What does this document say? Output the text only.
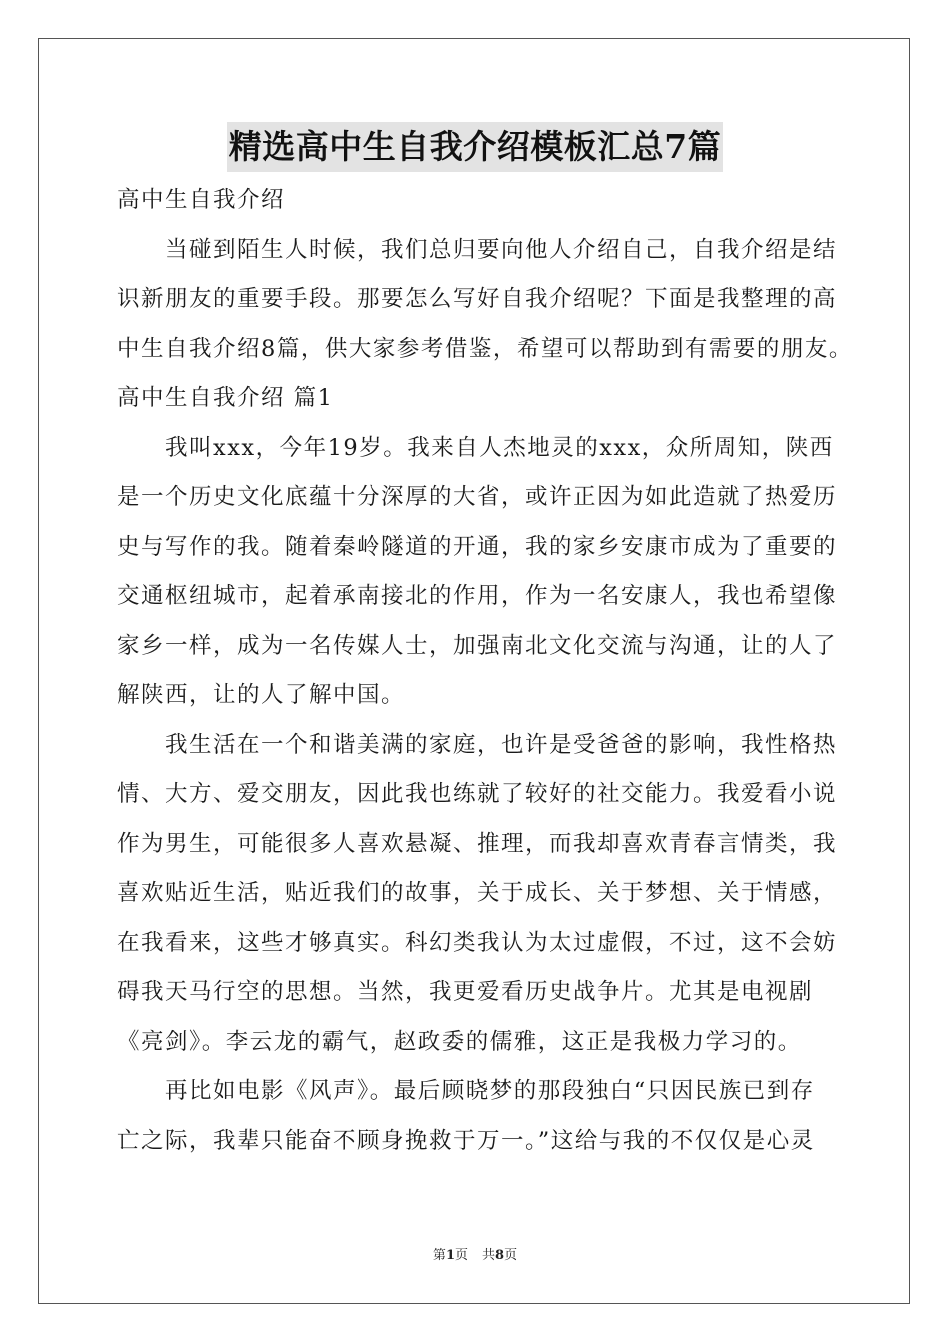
精选高中生自我介绍模板汇总7篇
高中生自我介绍
当碰到陌生人时候，我们总归要向他人介绍自己，自我介绍是结
识新朋友的重要手段。那要怎么写好自我介绍呢？下面是我整理的高
中生自我介绍8篇，供大家参考借鉴，希望可以帮助到有需要的朋友。
高中生自我介绍 篇1
我叫xxx，今年19岁。我来自人杰地灵的xxx，众所周知，陕西
是一个历史文化底蕴十分深厚的大省，或许正因为如此造就了热爱历
史与写作的我。随着秦岭隧道的开通，我的家乡安康市成为了重要的
交通枢纽城市，起着承南接北的作用，作为一名安康人，我也希望像
家乡一样，成为一名传媒人士，加强南北文化交流与沟通，让的人了
解陕西，让的人了解中国。
我生活在一个和谐美满的家庭，也许是受爸爸的影响，我性格热
情、大方、爱交朋友，因此我也练就了较好的社交能力。我爱看小说
作为男生，可能很多人喜欢悬凝、推理，而我却喜欢青春言情类，我
喜欢贴近生活，贴近我们的故事，关于成长、关于梦想、关于情感，
在我看来，这些才够真实。科幻类我认为太过虚假，不过，这不会妨
碍我天马行空的思想。当然，我更爱看历史战争片。尤其是电视剧
《亮剑》。李云龙的霸气，赵政委的儒雅，这正是我极力学习的。
再比如电影《风声》。最后顾晓梦的那段独白“只因民族已到存
亡之际，我辈只能奋不顾身挽救于万一。”这给与我的不仅仅是心灵
第1页 共8页
